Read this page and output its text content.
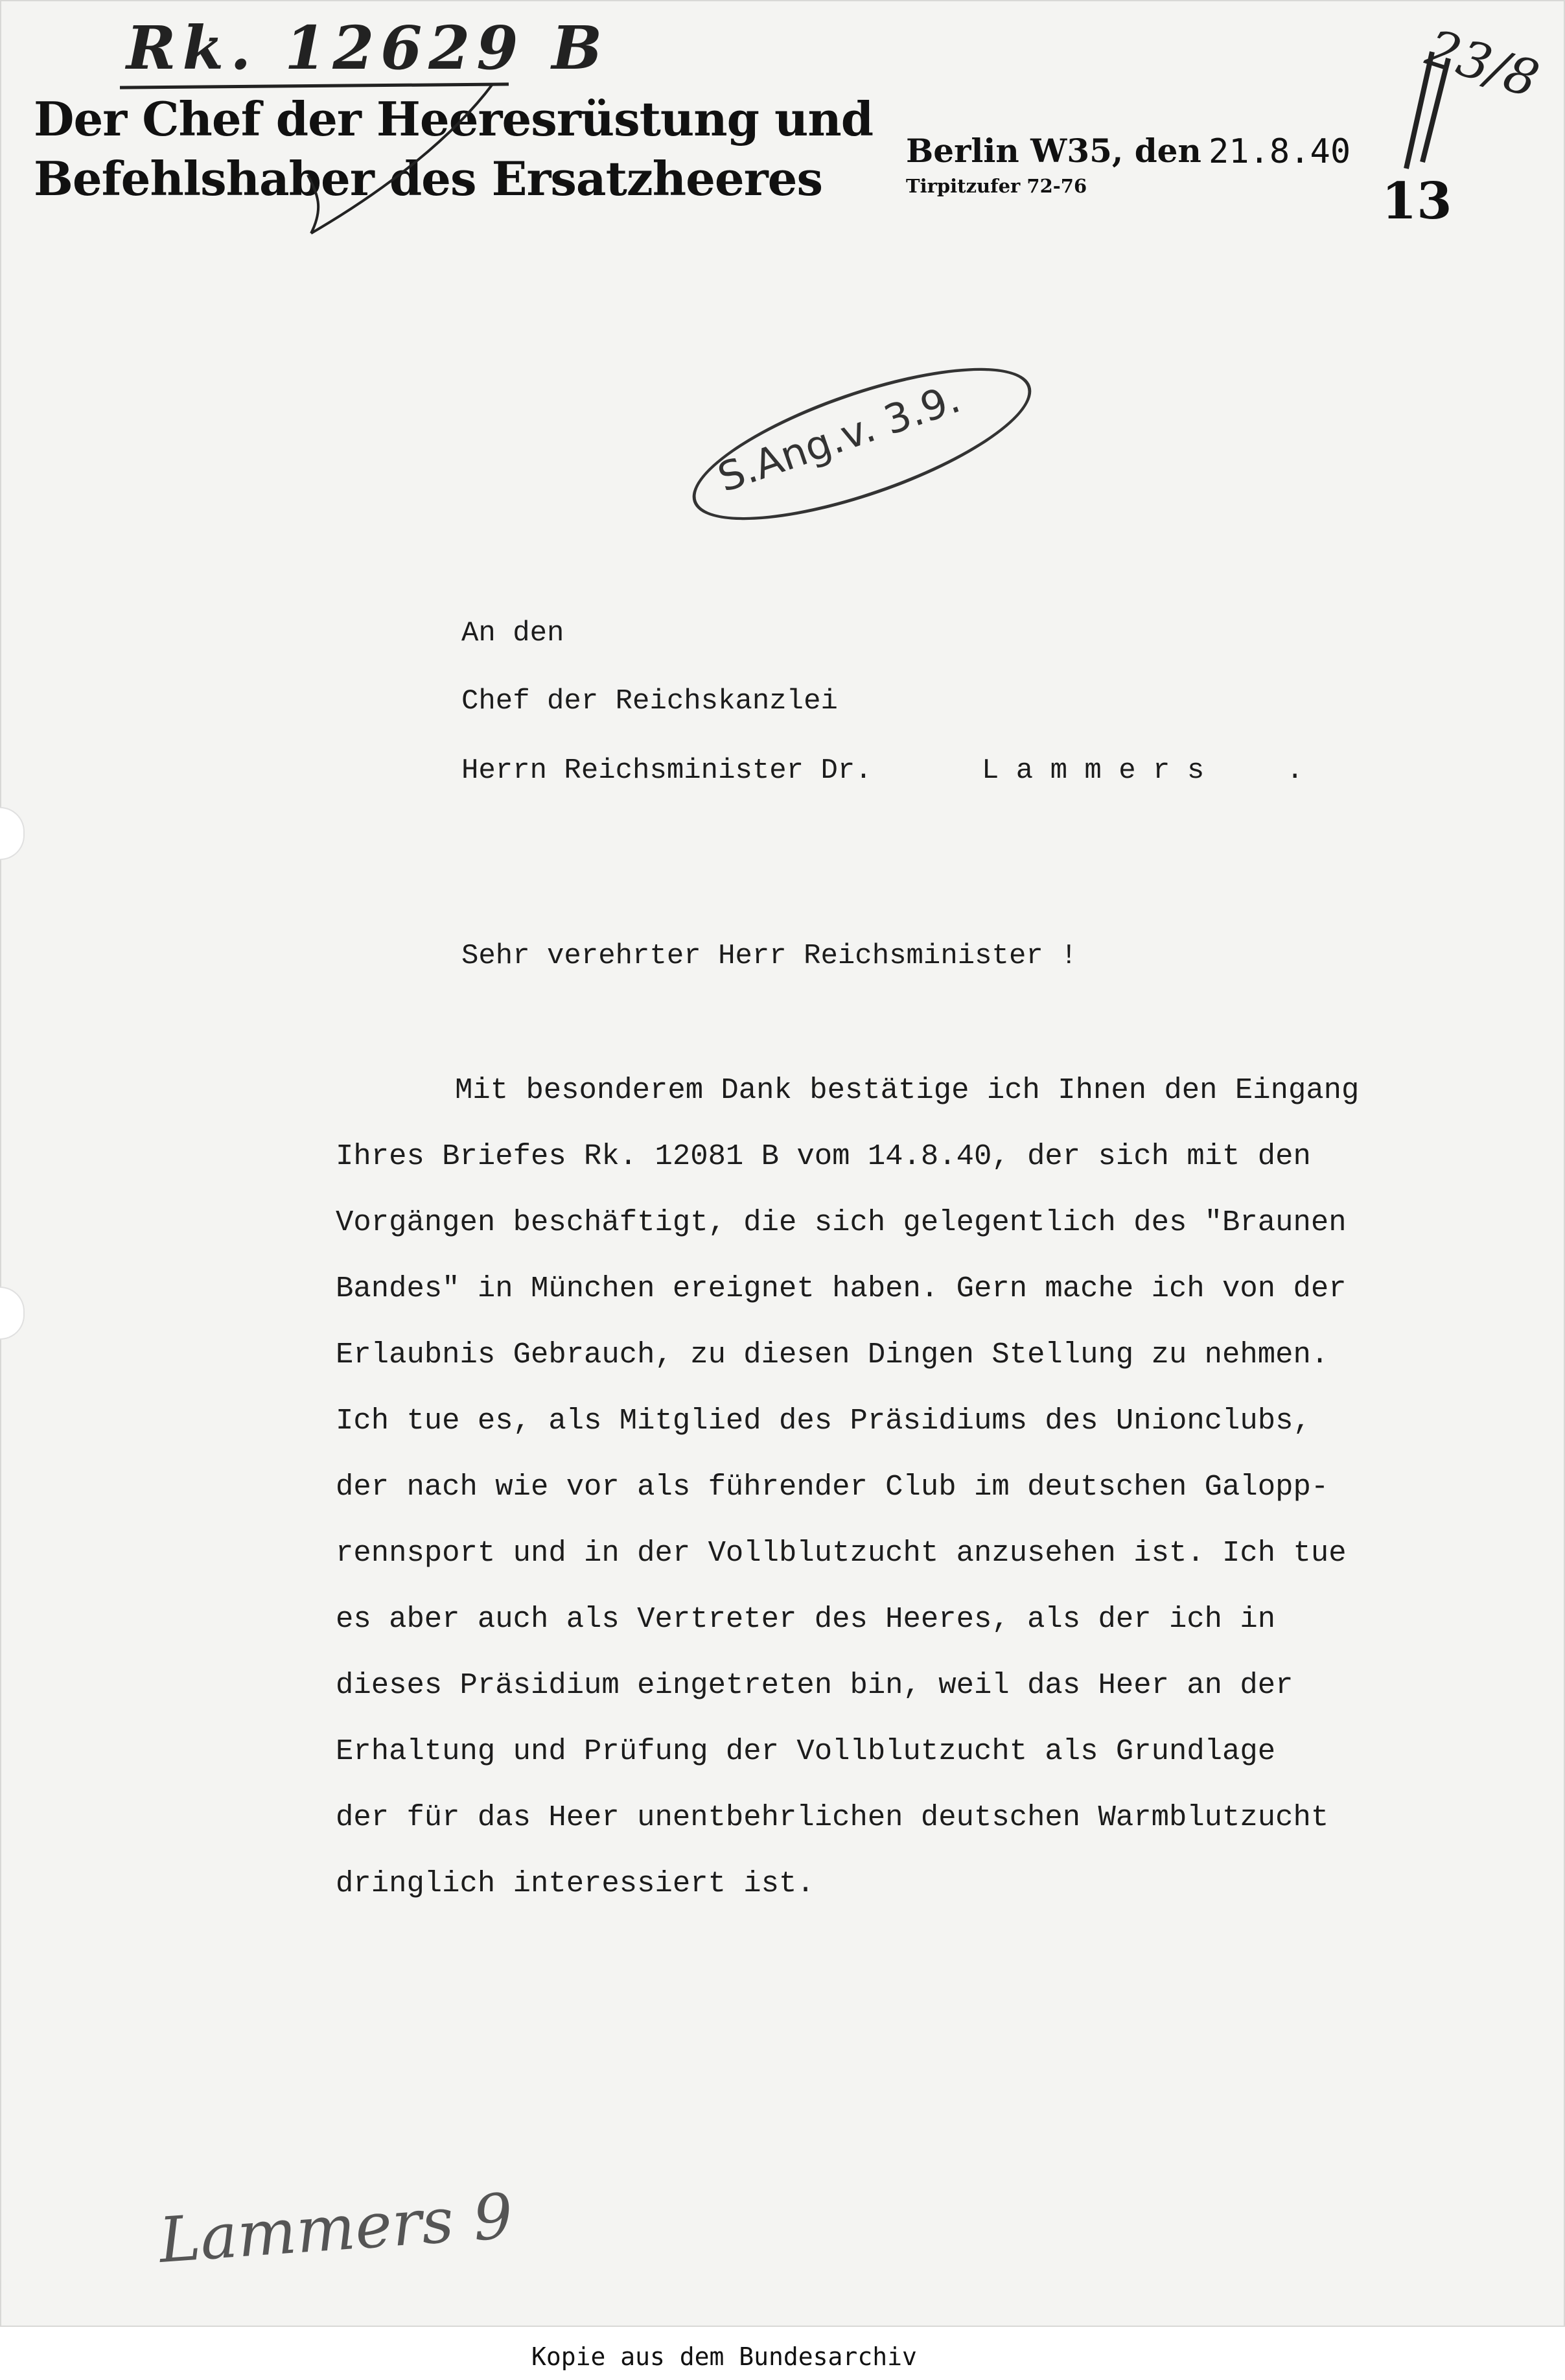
Rk. 12629 B
Der Chef der Heeresrüstung und
Befehlshaber des Ersatzheeres
Berlin W35, den 21.8.40
Tirpitzufer 72-76	13
23/8
S.Ang.v. 3.9.
An den
Chef der Reichskanzlei
Herrn Reichsminister Dr.	L a m m e r s	.
Sehr verehrter Herr Reichsminister !
Mit besonderem Dank bestätige ich Ihnen den Eingang
Ihres Briefes Rk. 12081 B vom 14.8.40, der sich mit den
Vorgängen beschäftigt, die sich gelegentlich des "Braunen
Bandes" in München ereignet haben. Gern mache ich von der
Erlaubnis Gebrauch, zu diesen Dingen Stellung zu nehmen.
Ich tue es, als Mitglied des Präsidiums des Unionclubs,
der nach wie vor als führender Club im deutschen Galopp-
rennsport und in der Vollblutzucht anzusehen ist. Ich tue
es aber auch als Vertreter des Heeres, als der ich in
dieses Präsidium eingetreten bin, weil das Heer an der
Erhaltung und Prüfung der Vollblutzucht als Grundlage
der für das Heer unentbehrlichen deutschen Warmblutzucht
dringlich interessiert ist.
Lammers 9
Kopie aus dem Bundesarchiv
